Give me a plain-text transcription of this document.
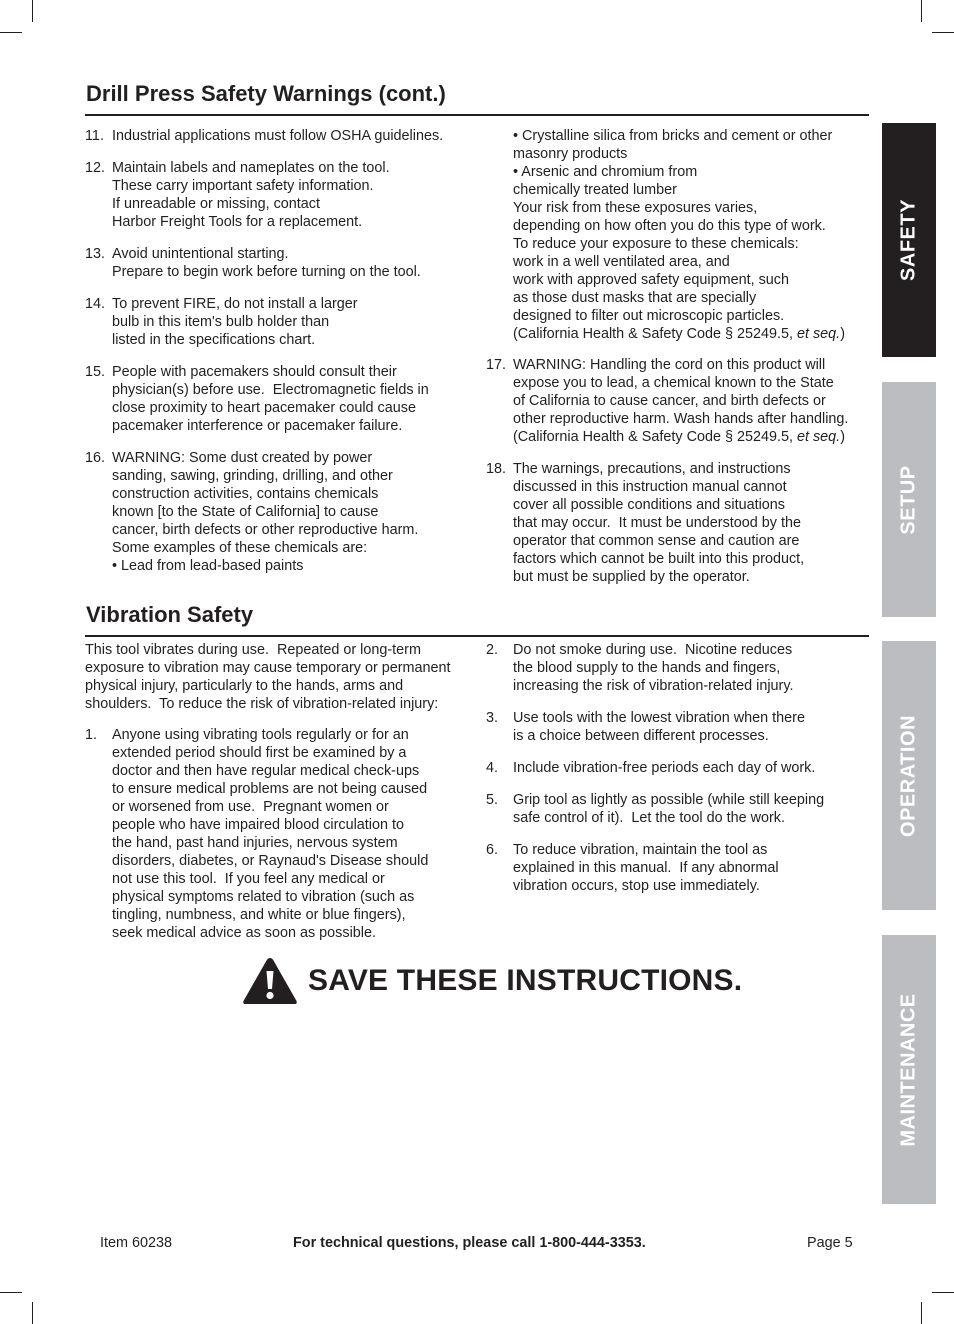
Drill Press Safety Warnings (cont.)
11. Industrial applications must follow OSHA guidelines.
12. Maintain labels and nameplates on the tool.
These carry important safety information.
If unreadable or missing, contact
Harbor Freight Tools for a replacement.
13. Avoid unintentional starting.
Prepare to begin work before turning on the tool.
14. To prevent FIRE, do not install a larger
bulb in this item's bulb holder than
listed in the specifications chart.
15. People with pacemakers should consult their
physician(s) before use.  Electromagnetic fields in
close proximity to heart pacemaker could cause
pacemaker interference or pacemaker failure.
16. WARNING: Some dust created by power
sanding, sawing, grinding, drilling, and other
construction activities, contains chemicals
known [to the State of California] to cause
cancer, birth defects or other reproductive harm.
Some examples of these chemicals are:
• Lead from lead-based paints
• Crystalline silica from bricks and cement or other
masonry products
• Arsenic and chromium from
chemically treated lumber
Your risk from these exposures varies,
depending on how often you do this type of work.
To reduce your exposure to these chemicals:
work in a well ventilated area, and
work with approved safety equipment, such
as those dust masks that are specially
designed to filter out microscopic particles.
(California Health & Safety Code § 25249.5, et seq.)
17. WARNING: Handling the cord on this product will
expose you to lead, a chemical known to the State
of California to cause cancer, and birth defects or
other reproductive harm. Wash hands after handling.
(California Health & Safety Code § 25249.5, et seq.)
18. The warnings, precautions, and instructions
discussed in this instruction manual cannot
cover all possible conditions and situations
that may occur.  It must be understood by the
operator that common sense and caution are
factors which cannot be built into this product,
but must be supplied by the operator.
Vibration Safety
This tool vibrates during use.  Repeated or long-term
exposure to vibration may cause temporary or permanent
physical injury, particularly to the hands, arms and
shoulders.  To reduce the risk of vibration-related injury:
1. Anyone using vibrating tools regularly or for an
extended period should first be examined by a
doctor and then have regular medical check-ups
to ensure medical problems are not being caused
or worsened from use.  Pregnant women or
people who have impaired blood circulation to
the hand, past hand injuries, nervous system
disorders, diabetes, or Raynaud's Disease should
not use this tool.  If you feel any medical or
physical symptoms related to vibration (such as
tingling, numbness, and white or blue fingers),
seek medical advice as soon as possible.
2. Do not smoke during use.  Nicotine reduces
the blood supply to the hands and fingers,
increasing the risk of vibration-related injury.
3. Use tools with the lowest vibration when there
is a choice between different processes.
4. Include vibration-free periods each day of work.
5. Grip tool as lightly as possible (while still keeping
safe control of it).  Let the tool do the work.
6. To reduce vibration, maintain the tool as
explained in this manual.  If any abnormal
vibration occurs, stop use immediately.
SAVE THESE INSTRUCTIONS.
SAFETY
SETUP
OPERATION
MAINTENANCE
Item 60238	For technical questions, please call 1-800-444-3353.	Page 5
